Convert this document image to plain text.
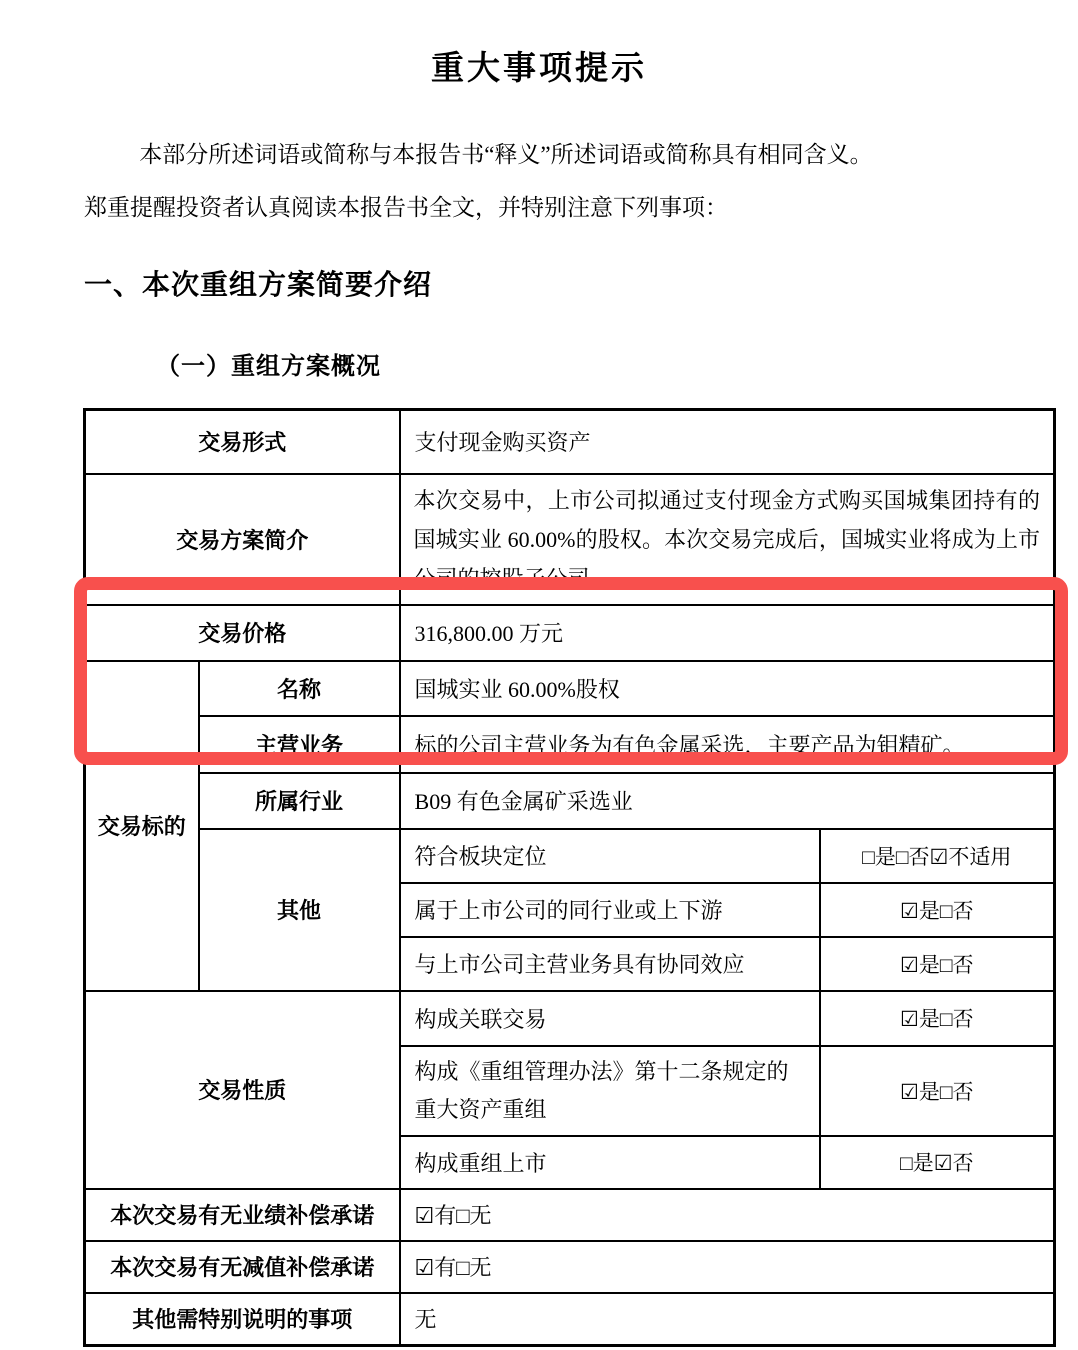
重大事项提示
本部分所述词语或简称与本报告书“释义”所述词语或简称具有相同含义。
郑重提醒投资者认真阅读本报告书全文，并特别注意下列事项：
一、本次重组方案简要介绍
（一）重组方案概况
交易形式		支付现金购买资产	
交易方案简介		本次交易中，上市公司拟通过支付现金方式购买国城集团持有的国城实业 60.00%的股权。本次交易完成后，国城实业将成为上市公司的控股子公司。	
交易价格		316,800.00 万元	
交易标的	名称	国城实业 60.00%股权	
	主营业务	标的公司主营业务为有色金属采选，主要产品为钼精矿。	
	所属行业	B09 有色金属矿采选业	
	其他	符合板块定位	□是□否☑不适用
		属于上市公司的同行业或上下游	☑是□否
		与上市公司主营业务具有协同效应	☑是□否
交易性质		构成关联交易	☑是□否
		构成《重组管理办法》第十二条规定的重大资产重组	☑是□否
		构成重组上市	□是☑否
本次交易有无业绩补偿承诺		☑有□无	
本次交易有无减值补偿承诺		☑有□无	
其他需特别说明的事项		无	
